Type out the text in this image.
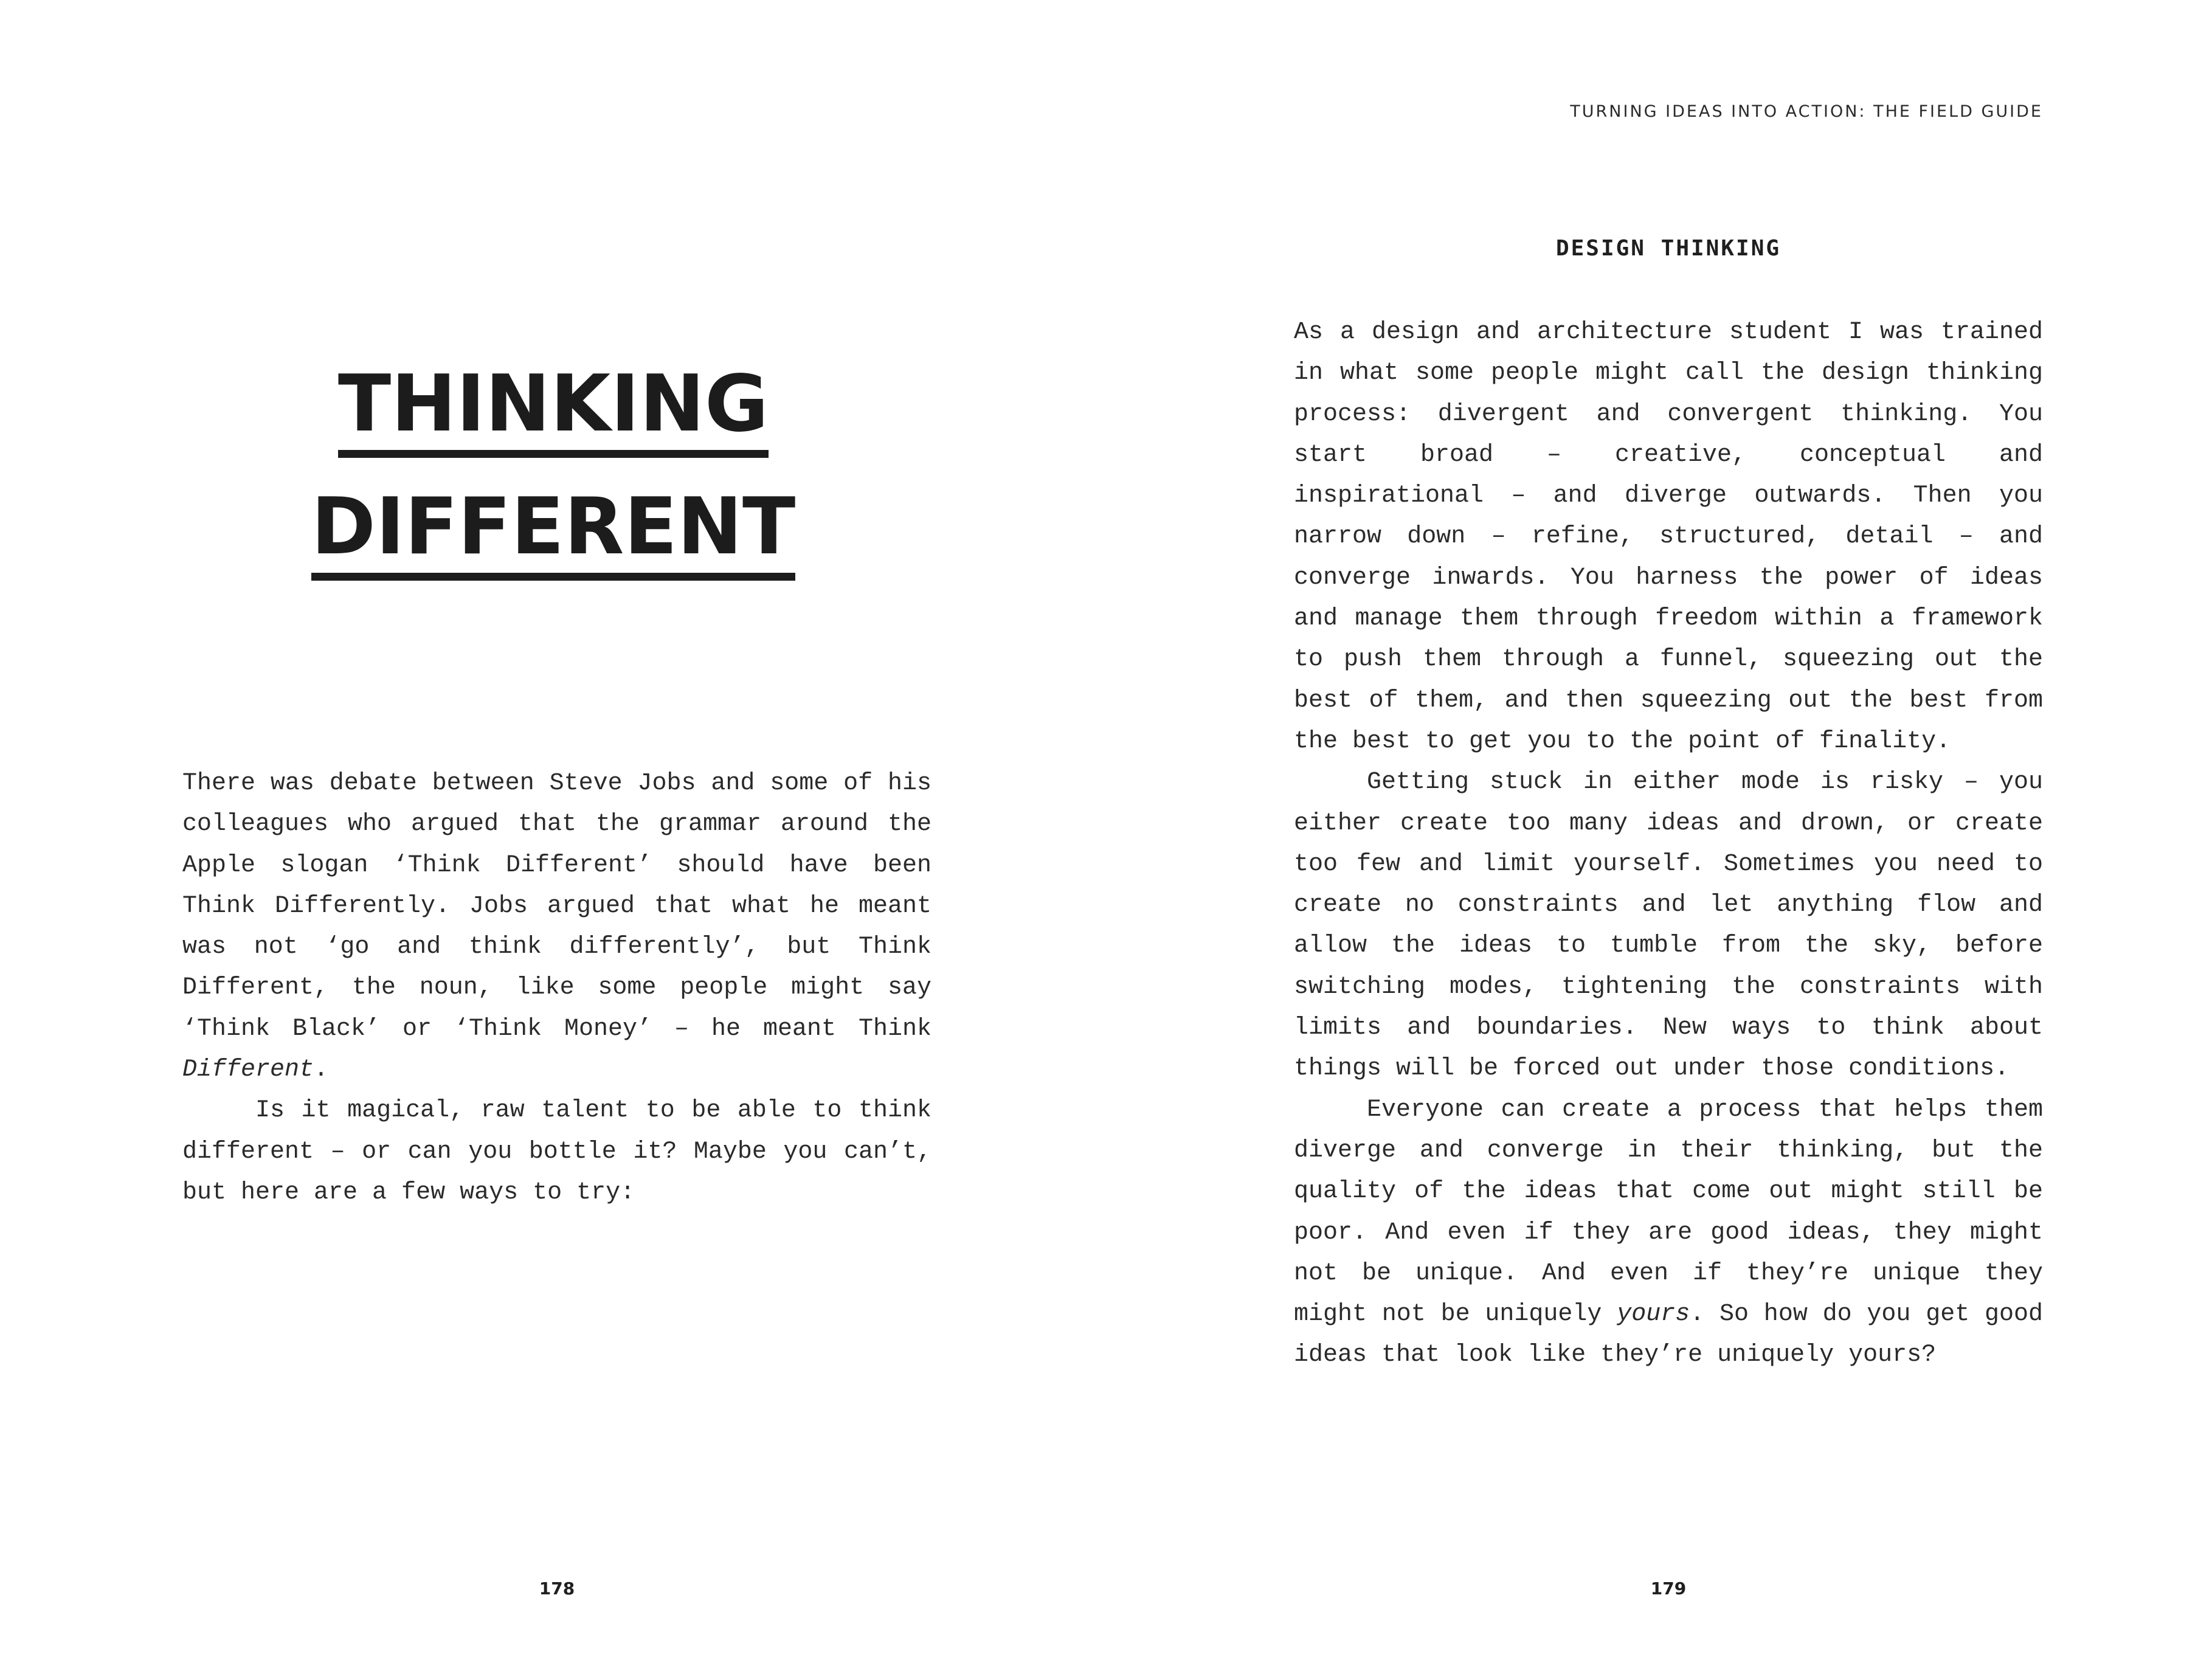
THINKING
DIFFERENT

There was debate between Steve Jobs and some of his colleagues who argued that the grammar around the Apple slogan ‘Think Different’ should have been Think Differently. Jobs argued that what he meant was not ‘go and think differently’, but Think Different, the noun, like some people might say ‘Think Black’ or ‘Think Money’ – he meant Think Different.

Is it magical, raw talent to be able to think different – or can you bottle it? Maybe you can’t, but here are a few ways to try:

178
TURNING IDEAS INTO ACTION: THE FIELD GUIDE
DESIGN THINKING

As a design and architecture student I was trained in what some people might call the design thinking process: divergent and convergent thinking. You start broad – creative, conceptual and inspirational – and diverge outwards. Then you narrow down – refine, structured, detail – and converge inwards. You harness the power of ideas and manage them through freedom within a framework to push them through a funnel, squeezing out the best of them, and then squeezing out the best from the best to get you to the point of finality.

Getting stuck in either mode is risky – you either create too many ideas and drown, or create too few and limit yourself. Sometimes you need to create no constraints and let anything flow and allow the ideas to tumble from the sky, before switching modes, tightening the constraints with limits and boundaries. New ways to think about things will be forced out under those conditions.

Everyone can create a process that helps them diverge and converge in their thinking, but the quality of the ideas that come out might still be poor. And even if they are good ideas, they might not be unique. And even if they’re unique they might not be uniquely yours. So how do you get good ideas that look like they’re uniquely yours?

179
